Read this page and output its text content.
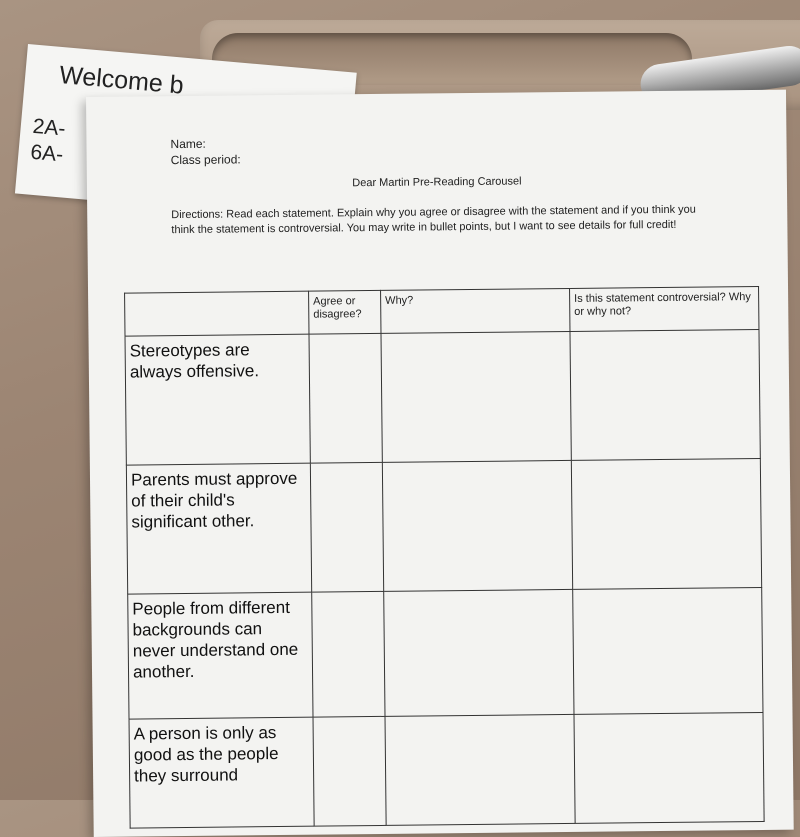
Welcome b
2A-
6A-	Name:
Class period:
Dear Martin Pre-Reading Carousel
Directions: Read each statement. Explain why you agree or disagree with the statement and if you think you think the statement is controversial. You may write in bullet points, but I want to see details for full credit!
	Agree or disagree?	Why?	Is this statement controversial? Why or why not?
Stereotypes are always offensive.			
Parents must approve of their child's significant other.			
People from different backgrounds can never understand one another.			
A person is only as good as the people they surround			
